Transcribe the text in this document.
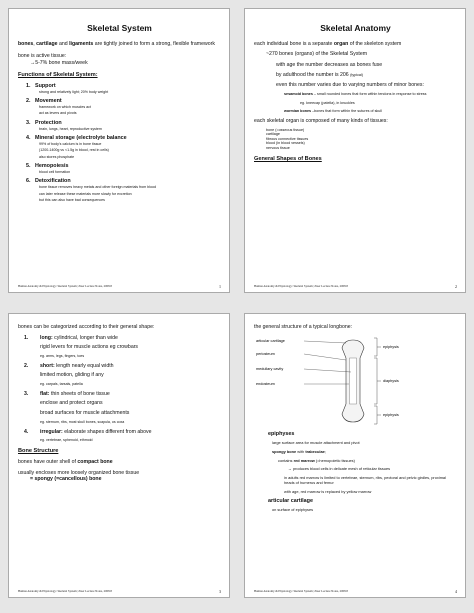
Skeletal System
bones, cartilage and ligaments are tightly joined to form a strong, flexible framework
bone is active tissue:
→5-7% bone mass/week
Functions of Skeletal System:
1. Support
strong and relatively light; 20% body weight
2. Movement
framework on which muscles act
act as levers and pivots
3. Protection
brain, lungs, heart, reproductive system
4. Mineral storage (electrolyte balance
99% of body's calcium is in bone tissue
(1200-1400g vs <1.5g in blood, rest in cells)
also stores phosphate
5. Hemopoiesis
blood cell formation
6. Detoxification
bone tissue removes heavy metals and other foreign materials from blood
can later release these materials more slowly for excretion
but this can also have bad consequences
Human Anatomy & Physiology: Skeletal System; Ziser Lecture Notes, 2008.8	1
Skeletal Anatomy
each individual bone is a separate organ of the skeleton system
~270 bones (organs) of the Skeletal System
with age the number decreases as bones fuse
by adulthood the number is 206 (typical)
even this number varies due to varying numbers of minor bones:
sesamoid bones – small rounded bones that form within tendons in response to stress
eg. kneecap (patella), in knuckles
wormian bones –bones that form within the sutures of skull
each skeletal organ is composed of many kinds of tissues:
bone (=osseous tissue)
cartilage
fibrous connective tissues
blood (in blood vessels)
nervous tissue
General Shapes of Bones
Human Anatomy & Physiology: Skeletal System; Ziser Lecture Notes, 2008.8	2
bones can be categorized according to their general shape:
1. long: cylindrical, longer than wide
rigid levers for muscle actions eg crowbars
eg. arms, legs, fingers, toes
2. short: length nearly equal width
limited motion, gliding if any
eg. carpals, tarsals, patella
3. flat: thin sheets of bone tissue
enclose and protect organs
broad surfaces for muscle attachments
eg. sternum, ribs, most skull bones, scapula, os coxa
4. irregular: elaborate shapes different from above
eg. vertebrae, sphenoid, ethmoid
Bone Structure
bones have outer shell of compact bone
usually encloses more loosely organized bone tissue
= spongy (=cancellous) bone
Human Anatomy & Physiology: Skeletal System; Ziser Lecture Notes, 2008.8	3
the general structure of a typical longbone:
articular cartilage
periosteum
medullary cavity
endosteum
epiphysis
diaphysis
epiphysis
epiphyses
large surface area for muscle attachment and pivot
spongy bone with trabeculae;
contains red marrow (=hemopoietic tissues)
→ produces blood cells in delicate mesh of reticular tissues
in adults red marrow is limited to vertebrae, sternum, ribs, pectoral and pelvic girdles, proximal heads of humerus and femur
with age, red marrow is replaced by yellow marrow
articular cartilage
on surface of epiphyses
Human Anatomy & Physiology: Skeletal System; Ziser Lecture Notes, 2008.8	4
